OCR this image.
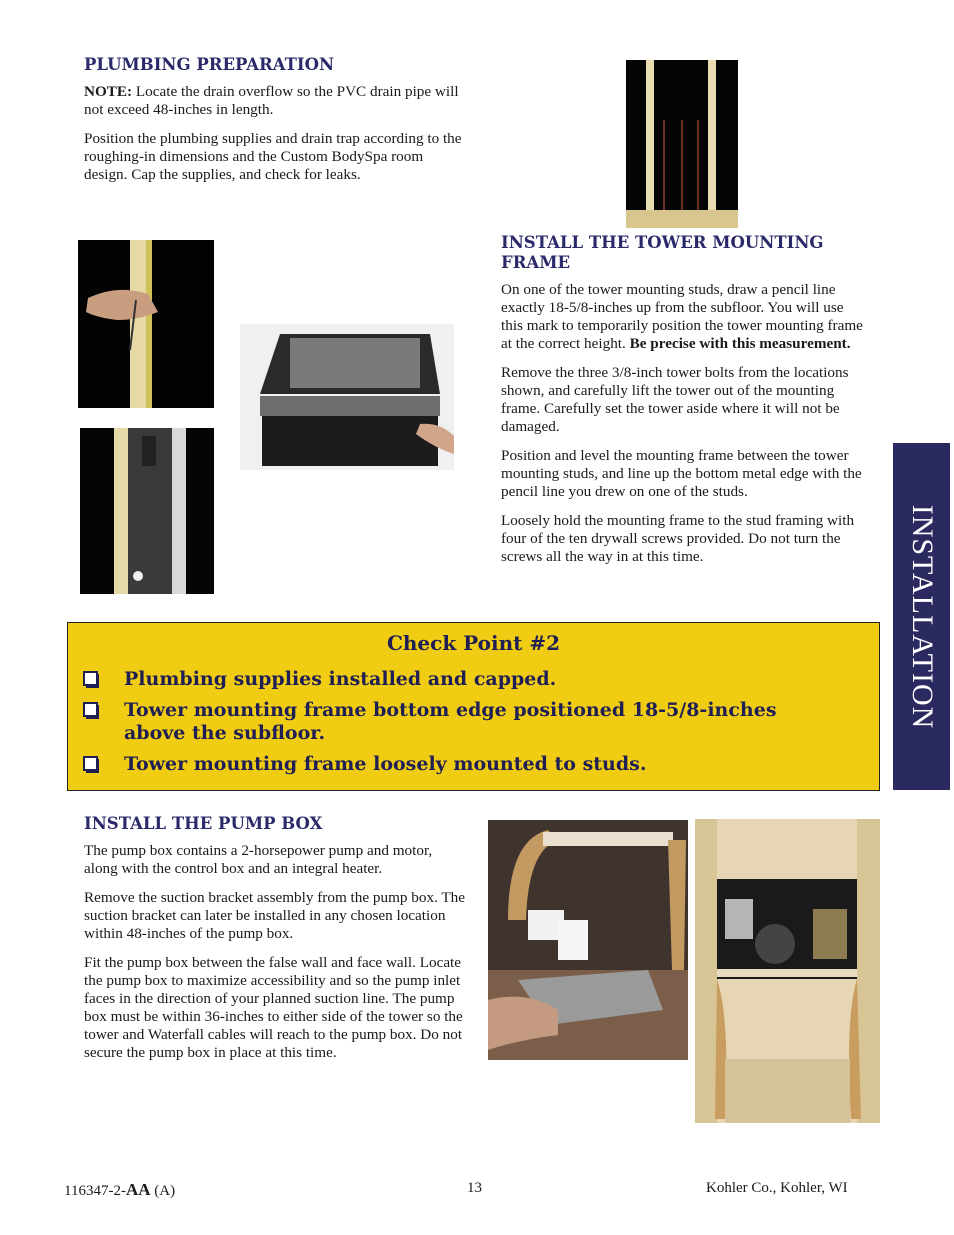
PLUMBING PREPARATION

NOTE: Locate the drain overflow so the PVC drain pipe will not exceed 48-inches in length.

Position the plumbing supplies and drain trap according to the roughing-in dimensions and the Custom BodySpa room design. Cap the supplies, and check for leaks.

INSTALL THE TOWER MOUNTING FRAME

On one of the tower mounting studs, draw a pencil line exactly 18-5/8-inches up from the subfloor. You will use this mark to temporarily position the tower mounting frame at the correct height. Be precise with this measurement.

Remove the three 3/8-inch tower bolts from the locations shown, and carefully lift the tower out of the mounting frame. Carefully set the tower aside where it will not be damaged.

Position and level the mounting frame between the tower mounting studs, and line up the bottom metal edge with the pencil line you drew on one of the studs.

Loosely hold the mounting frame to the stud framing with four of the ten drywall screws provided. Do not turn the screws all the way in at this time.

Check Point #2
Plumbing supplies installed and capped.
Tower mounting frame bottom edge positioned 18-5/8-inches above the subfloor.
Tower mounting frame loosely mounted to studs.
INSTALLATION
INSTALL THE PUMP BOX

The pump box contains a 2-horsepower pump and motor, along with the control box and an integral heater.

Remove the suction bracket assembly from the pump box. The suction bracket can later be installed in any chosen location within 48-inches of the pump box.

Fit the pump box between the false wall and face wall. Locate the pump box to maximize accessibility and so the pump inlet faces in the direction of your planned suction line. The pump box must be within 36-inches to either side of the tower so the tower and Waterfall cables will reach to the pump box. Do not secure the pump box in place at this time.

116347-2-AA (A)	13	Kohler Co., Kohler, WI
